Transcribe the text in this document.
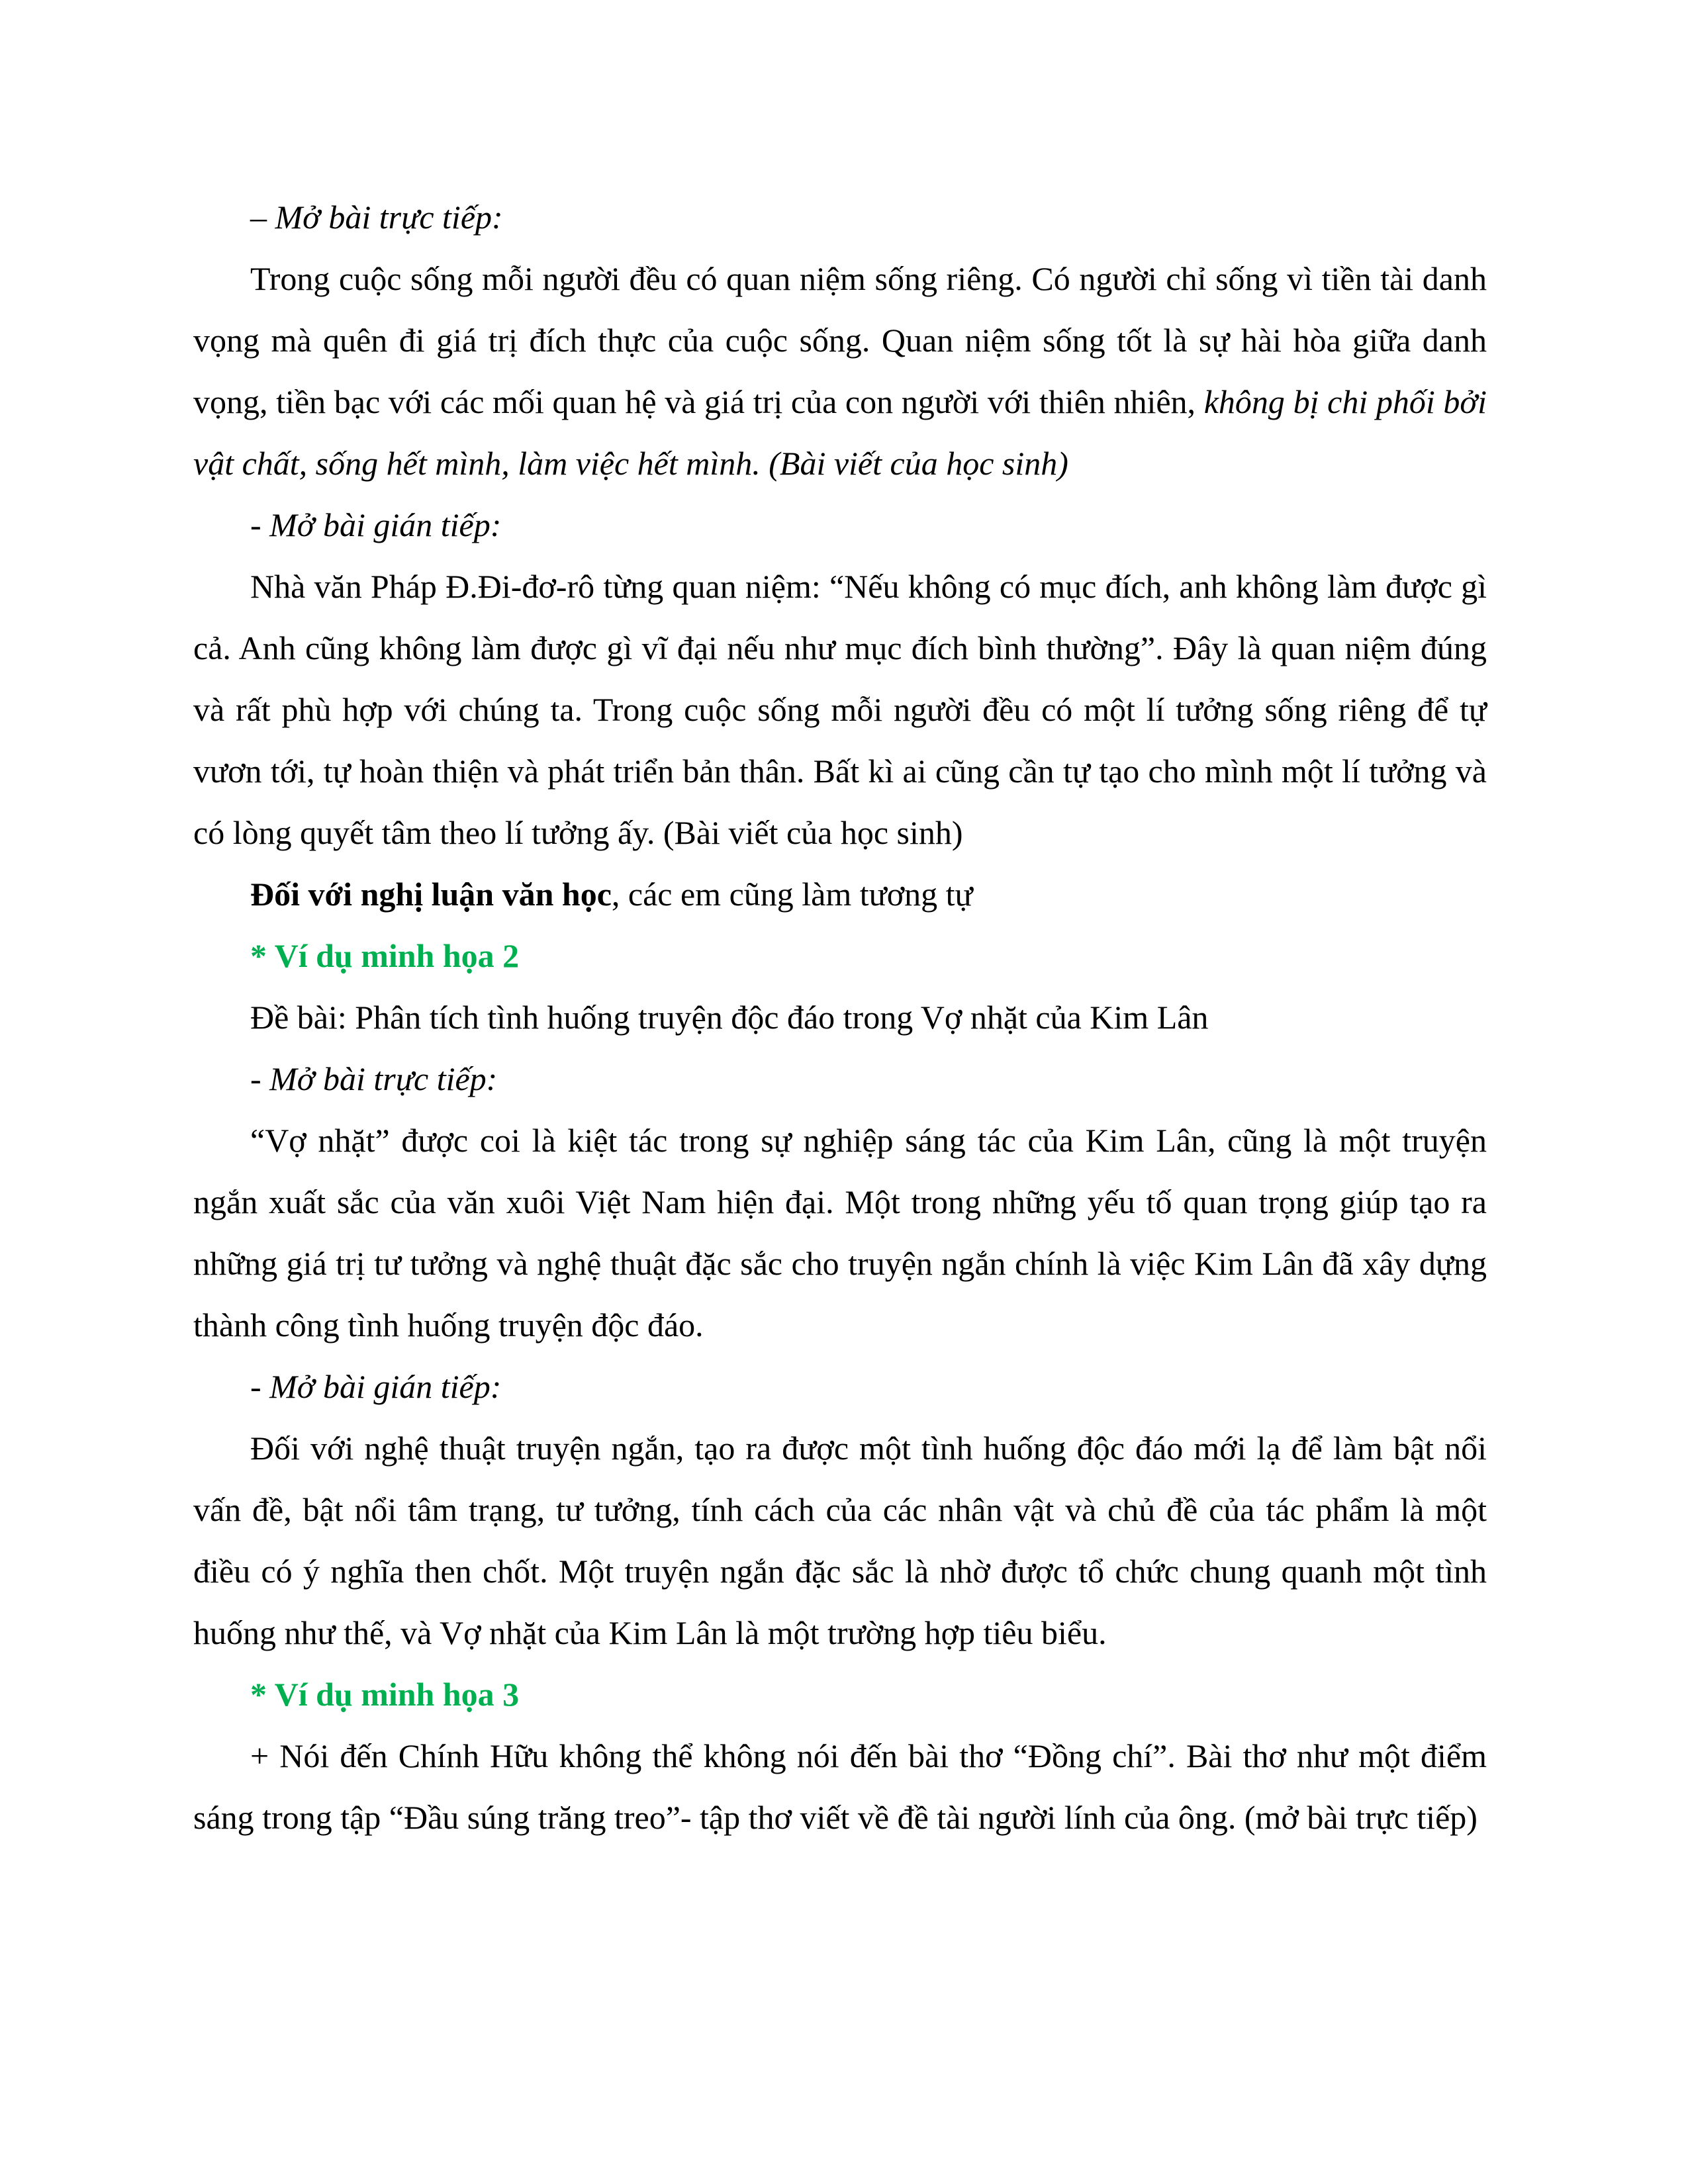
– Mở bài trực tiếp:

Trong cuộc sống mỗi người đều có quan niệm sống riêng. Có người chỉ sống vì tiền tài danh vọng mà quên đi giá trị đích thực của cuộc sống. Quan niệm sống tốt là sự hài hòa giữa danh vọng, tiền bạc với các mối quan hệ và giá trị của con người với thiên nhiên, không bị chi phối bởi vật chất, sống hết mình, làm việc hết mình. (Bài viết của học sinh)

- Mở bài gián tiếp:

Nhà văn Pháp Đ.Đi-đơ-rô từng quan niệm: “Nếu không có mục đích, anh không làm được gì cả. Anh cũng không làm được gì vĩ đại nếu như mục đích bình thường”. Đây là quan niệm đúng và rất phù hợp với chúng ta. Trong cuộc sống mỗi người đều có một lí tưởng sống riêng để tự vươn tới, tự hoàn thiện và phát triển bản thân. Bất kì ai cũng cần tự tạo cho mình một lí tưởng và có lòng quyết tâm theo lí tưởng ấy. (Bài viết của học sinh)

Đối với nghị luận văn học, các em cũng làm tương tự

* Ví dụ minh họa 2

Đề bài: Phân tích tình huống truyện độc đáo trong Vợ nhặt của Kim Lân

- Mở bài trực tiếp:

“Vợ nhặt” được coi là kiệt tác trong sự nghiệp sáng tác của Kim Lân, cũng là một truyện ngắn xuất sắc của văn xuôi Việt Nam hiện đại. Một trong những yếu tố quan trọng giúp tạo ra những giá trị tư tưởng và nghệ thuật đặc sắc cho truyện ngắn chính là việc Kim Lân đã xây dựng thành công tình huống truyện độc đáo.

- Mở bài gián tiếp:

Đối với nghệ thuật truyện ngắn, tạo ra được một tình huống độc đáo mới lạ để làm bật nổi vấn đề, bật nổi tâm trạng, tư tưởng, tính cách của các nhân vật và chủ đề của tác phẩm là một điều có ý nghĩa then chốt. Một truyện ngắn đặc sắc là nhờ được tổ chức chung quanh một tình huống như thế, và Vợ nhặt của Kim Lân là một trường hợp tiêu biểu.

* Ví dụ minh họa 3

+ Nói đến Chính Hữu không thể không nói đến bài thơ “Đồng chí”. Bài thơ như một điểm sáng trong tập “Đầu súng trăng treo”- tập thơ viết về đề tài người lính của ông. (mở bài trực tiếp)
